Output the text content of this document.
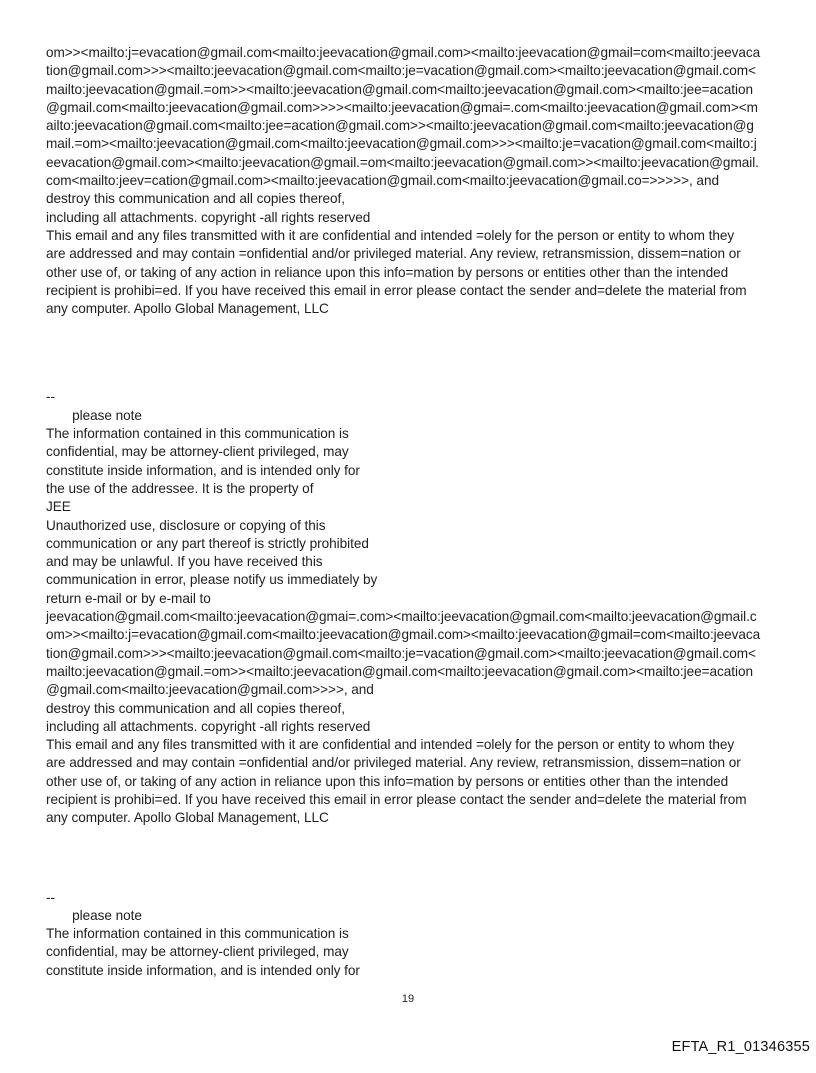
om>><mailto:j=evacation@gmail.com<mailto:jeevacation@gmail.com><mailto:jeevacation@gmail=com<mailto:jeevaca
tion@gmail.com>>><mailto:jeevacation@gmail.com<mailto:je=vacation@gmail.com><mailto:jeevacation@gmail.com<
mailto:jeevacation@gmail.=om>><mailto:jeevacation@gmail.com<mailto:jeevacation@gmail.com><mailto:jee=acation
@gmail.com<mailto:jeevacation@gmail.com>>>><mailto:jeevacation@gmai=.com<mailto:jeevacation@gmail.com><m
ailto:jeevacation@gmail.com<mailto:jee=acation@gmail.com>><mailto:jeevacation@gmail.com<mailto:jeevacation@g
mail.=om><mailto:jeevacation@gmail.com<mailto:jeevacation@gmail.com>>><mailto:je=vacation@gmail.com<mailto:j
eevacation@gmail.com><mailto:jeevacation@gmail.=om<mailto:jeevacation@gmail.com>><mailto:jeevacation@gmail.
com<mailto:jeev=cation@gmail.com><mailto:jeevacation@gmail.com<mailto:jeevacation@gmail.co=>>>>>, and
destroy this communication and all copies thereof,
including all attachments. copyright -all rights reserved
This email and any files transmitted with it are confidential and intended =olely for the person or entity to whom they
are addressed and may contain =onfidential and/or privileged material. Any review, retransmission, dissem=nation or
other use of, or taking of any action in reliance upon this info=mation by persons or entities other than the intended
recipient is prohibi=ed. If you have received this email in error please contact the sender and=delete the material from
any computer. Apollo Global Management, LLC
--
please note
The information contained in this communication is
confidential, may be attorney-client privileged, may
constitute inside information, and is intended only for
the use of the addressee. It is the property of
JEE
Unauthorized use, disclosure or copying of this
communication or any part thereof is strictly prohibited
and may be unlawful. If you have received this
communication in error, please notify us immediately by
return e-mail or by e-mail to
jeevacation@gmail.com<mailto:jeevacation@gmai=.com><mailto:jeevacation@gmail.com<mailto:jeevacation@gmail.c
om>><mailto:j=evacation@gmail.com<mailto:jeevacation@gmail.com><mailto:jeevacation@gmail=com<mailto:jeevaca
tion@gmail.com>>><mailto:jeevacation@gmail.com<mailto:je=vacation@gmail.com><mailto:jeevacation@gmail.com<
mailto:jeevacation@gmail.=om>><mailto:jeevacation@gmail.com<mailto:jeevacation@gmail.com><mailto:jee=acation
@gmail.com<mailto:jeevacation@gmail.com>>>>, and
destroy this communication and all copies thereof,
including all attachments. copyright -all rights reserved
This email and any files transmitted with it are confidential and intended =olely for the person or entity to whom they
are addressed and may contain =onfidential and/or privileged material. Any review, retransmission, dissem=nation or
other use of, or taking of any action in reliance upon this info=mation by persons or entities other than the intended
recipient is prohibi=ed. If you have received this email in error please contact the sender and=delete the material from
any computer. Apollo Global Management, LLC
--
please note
The information contained in this communication is
confidential, may be attorney-client privileged, may
constitute inside information, and is intended only for
19
EFTA_R1_01346355
